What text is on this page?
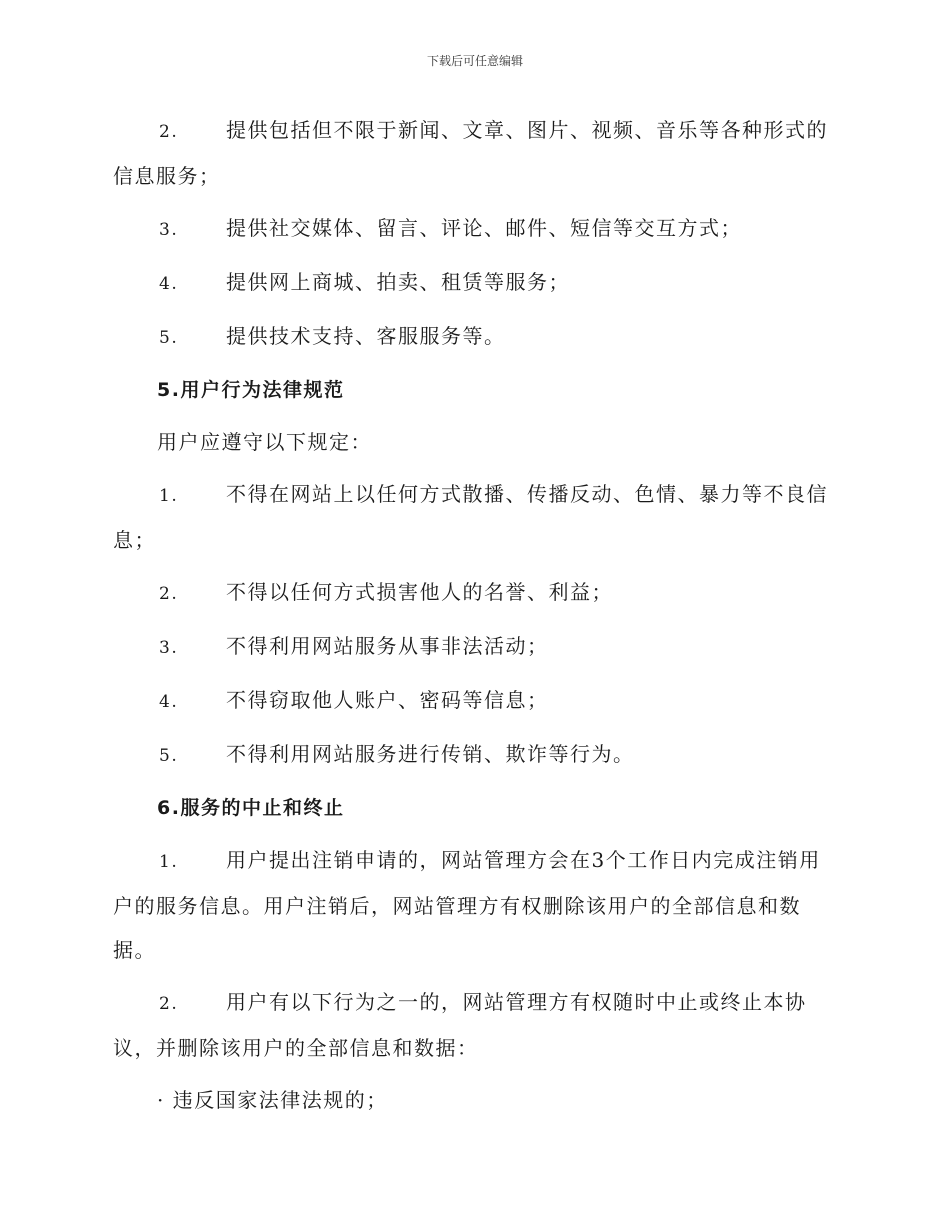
下载后可任意编辑
2. 提供包括但不限于新闻、文章、图片、视频、音乐等各种形式的信息服务；
3. 提供社交媒体、留言、评论、邮件、短信等交互方式；
4. 提供网上商城、拍卖、租赁等服务；
5. 提供技术支持、客服服务等。
5.用户行为法律规范
用户应遵守以下规定：
1. 不得在网站上以任何方式散播、传播反动、色情、暴力等不良信息；
2. 不得以任何方式损害他人的名誉、利益；
3. 不得利用网站服务从事非法活动；
4. 不得窃取他人账户、密码等信息；
5. 不得利用网站服务进行传销、欺诈等行为。
6.服务的中止和终止
1. 用户提出注销申请的，网站管理方会在3个工作日内完成注销用户的服务信息。用户注销后，网站管理方有权删除该用户的全部信息和数据。
2. 用户有以下行为之一的，网站管理方有权随时中止或终止本协议，并删除该用户的全部信息和数据：
· 违反国家法律法规的；
